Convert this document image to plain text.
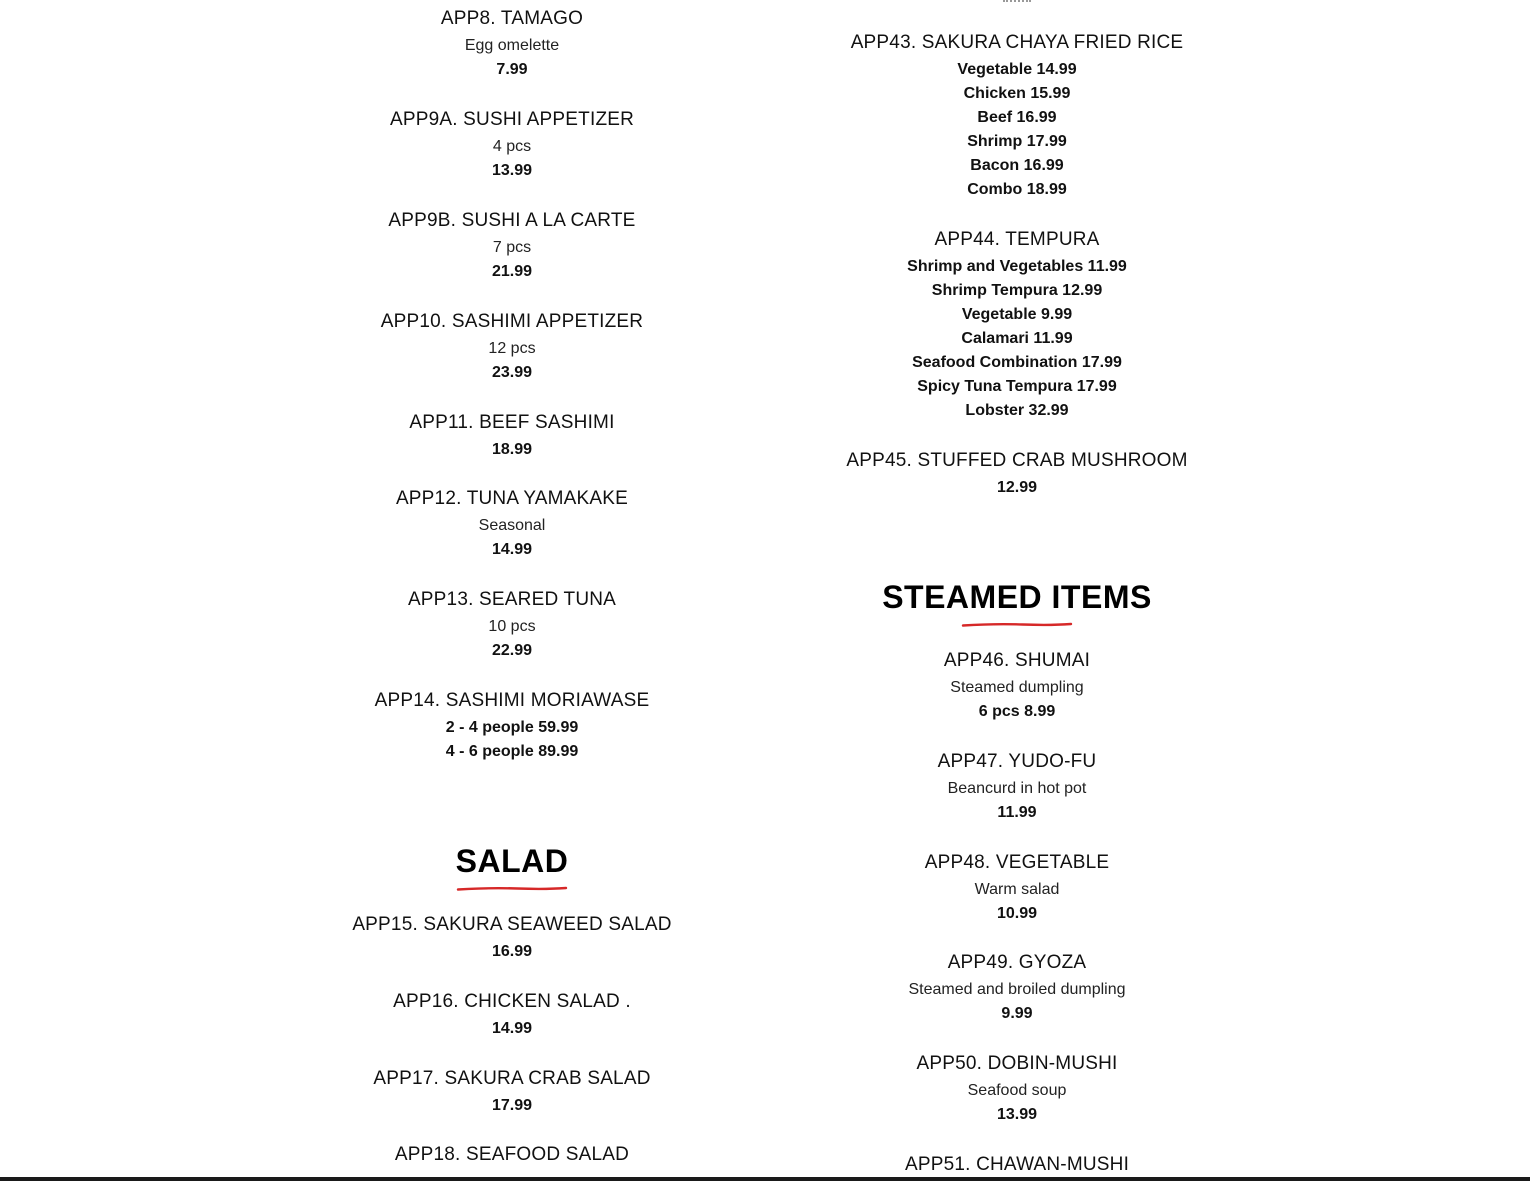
APP8. TAMAGO
Egg omelette
7.99
APP9A. SUSHI APPETIZER
4 pcs
13.99
APP9B. SUSHI A LA CARTE
7 pcs
21.99
APP10. SASHIMI APPETIZER
12 pcs
23.99
APP11. BEEF SASHIMI
18.99
APP12. TUNA YAMAKAKE
Seasonal
14.99
APP13. SEARED TUNA
10 pcs
22.99
APP14. SASHIMI MORIAWASE
2 - 4 people 59.99
4 - 6 people 89.99
SALAD
APP15. SAKURA SEAWEED SALAD
16.99
APP16. CHICKEN SALAD .
14.99
APP17. SAKURA CRAB SALAD
17.99
APP18. SEAFOOD SALAD
APP43. SAKURA CHAYA FRIED RICE
Vegetable 14.99
Chicken 15.99
Beef 16.99
Shrimp 17.99
Bacon 16.99
Combo 18.99
APP44. TEMPURA
Shrimp and Vegetables 11.99
Shrimp Tempura 12.99
Vegetable 9.99
Calamari 11.99
Seafood Combination 17.99
Spicy Tuna Tempura 17.99
Lobster 32.99
APP45. STUFFED CRAB MUSHROOM
12.99
STEAMED ITEMS
APP46. SHUMAI
Steamed dumpling
6 pcs 8.99
APP47. YUDO-FU
Beancurd in hot pot
11.99
APP48. VEGETABLE
Warm salad
10.99
APP49. GYOZA
Steamed and broiled dumpling
9.99
APP50. DOBIN-MUSHI
Seafood soup
13.99
APP51. CHAWAN-MUSHI
